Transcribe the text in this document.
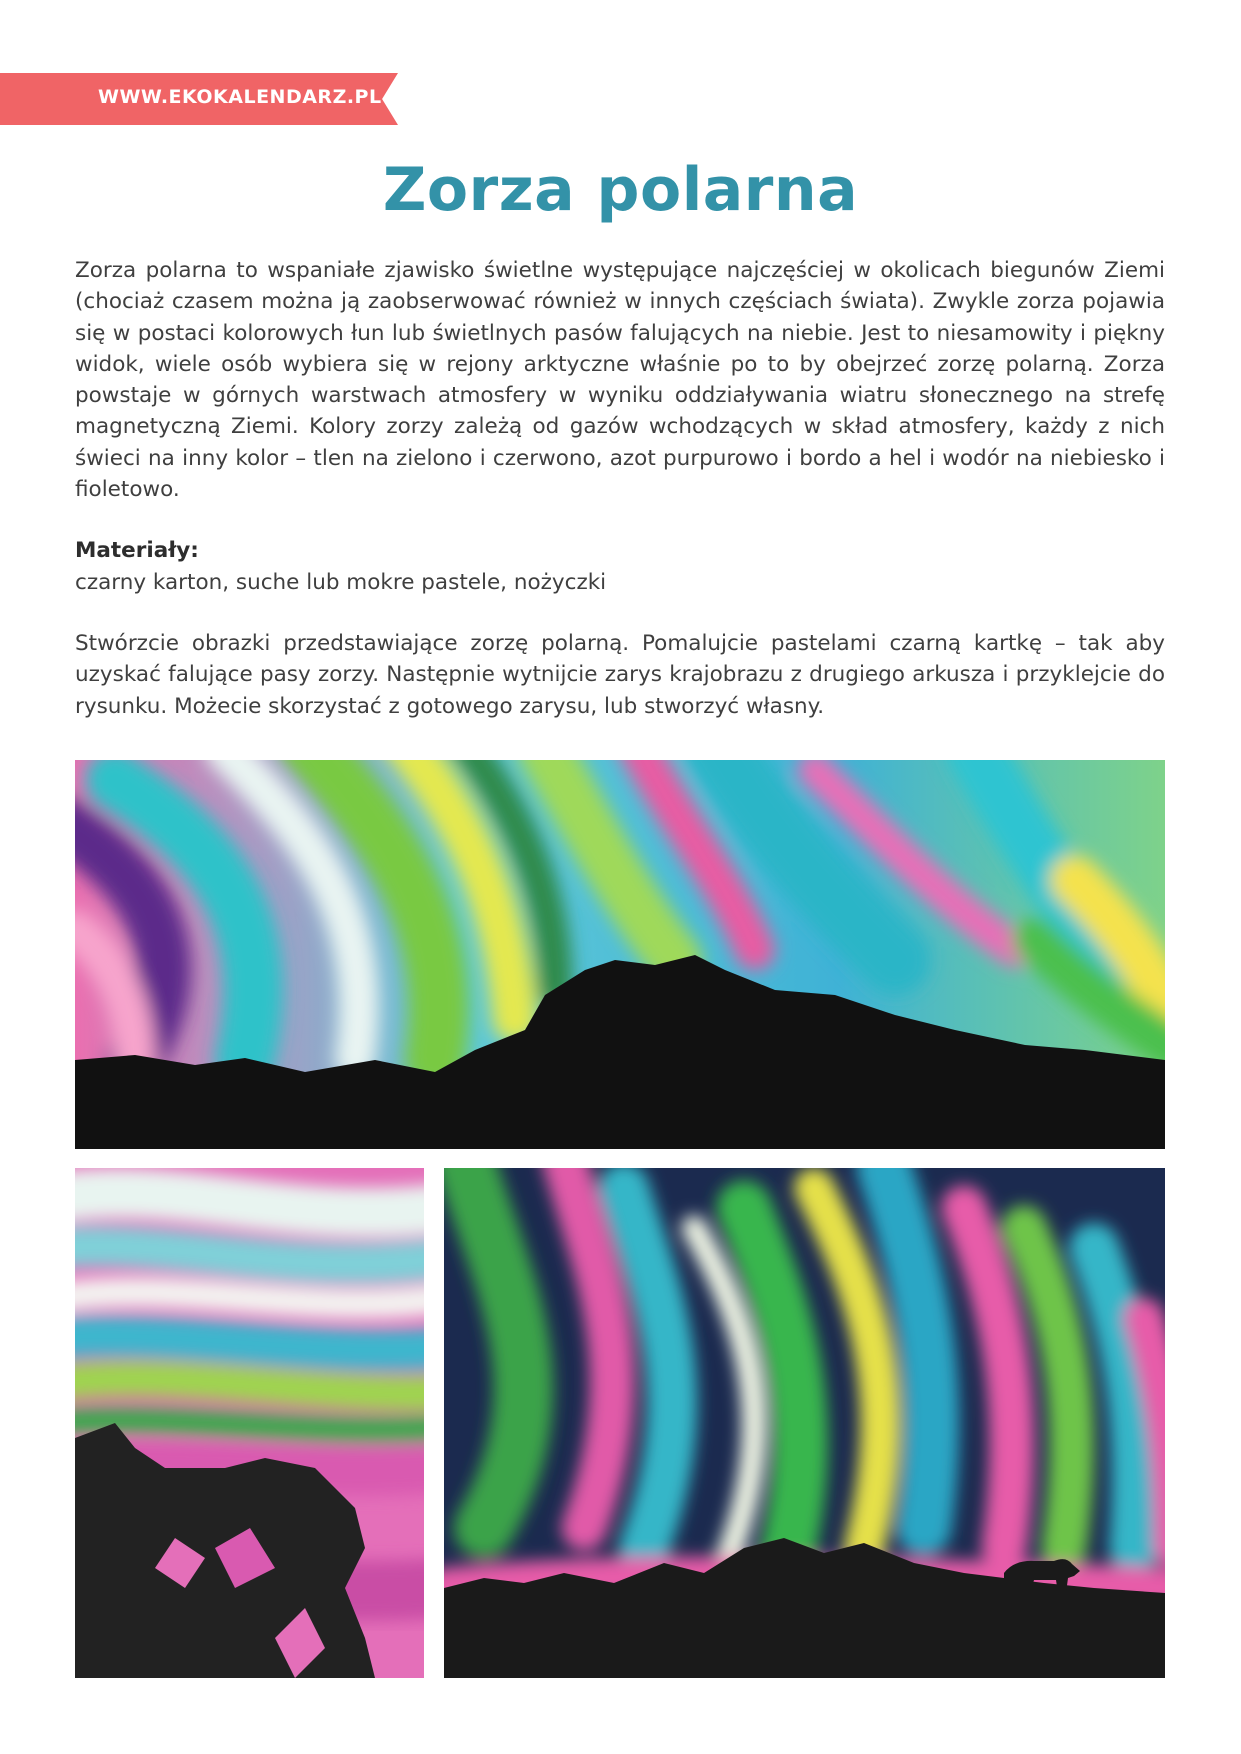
WWW.EKOKALENDARZ.PL
Zorza polarna

Zorza polarna to wspaniałe zjawisko świetlne występujące najczęściej w okolicach biegunów Ziemi (chociaż czasem można ją zaobserwować również w innych częściach świata). Zwykle zorza pojawia się w postaci kolorowych łun lub świetlnych pasów falujących na niebie. Jest to niesamowity i piękny widok, wiele osób wybiera się w rejony arktyczne właśnie po to by obejrzeć zorzę polarną. Zorza powstaje w górnych warstwach atmosfery w wyniku oddziaływania wiatru słonecznego na strefę magnetyczną Ziemi. Kolory zorzy zależą od gazów wchodzących w skład atmosfery, każdy z nich świeci na inny kolor – tlen na zielono i czerwono, azot purpurowo i bordo a hel i wodór na niebiesko i fioletowo.

Materiały:

czarny karton, suche lub mokre pastele, nożyczki

Stwórzcie obrazki przedstawiające zorzę polarną. Pomalujcie pastelami czarną kartkę – tak aby uzyskać falujące pasy zorzy. Następnie wytnijcie zarys krajobrazu z drugiego arkusza i przyklejcie do rysunku. Możecie skorzystać z gotowego zarysu, lub stworzyć własny.
